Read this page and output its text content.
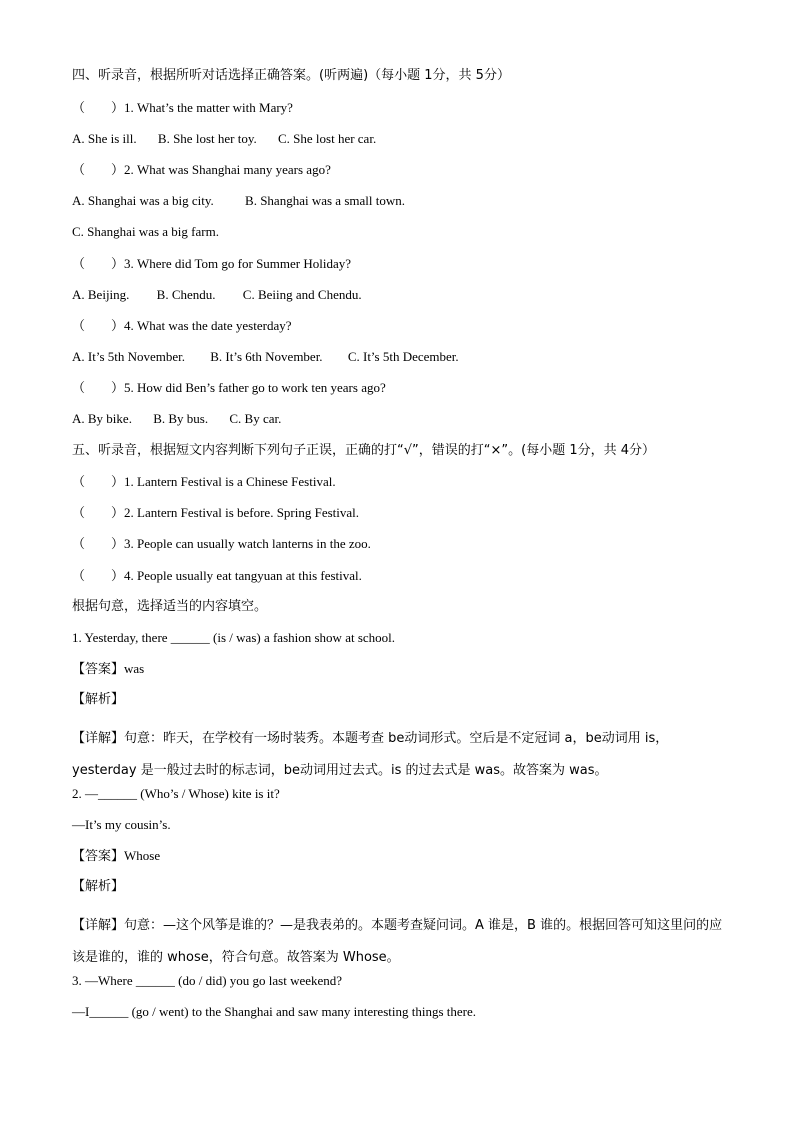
四、听录音，根据所听对话选择正确答案。(听两遍)（每小题 1分，共 5分）
（　　）1. What’s the matter with Mary?
A. She is ill. B. She lost her toy. C. She lost her car.
（　　）2. What was Shanghai many years ago?
A. Shanghai was a big city. B. Shanghai was a small town.
C. Shanghai was a big farm.
（　　）3. Where did Tom go for Summer Holiday?
A. Beijing. B. Chendu. C. Beiing and Chendu.
（　　）4. What was the date yesterday?
A. It’s 5th November. B. It’s 6th November. C. It’s 5th December.
（　　）5. How did Ben’s father go to work ten years ago?
A. By bike. B. By bus. C. By car.
五、听录音，根据短文内容判断下列句子正误，正确的打“√”，错误的打“×”。(每小题 1分，共 4分）
（　　）1. Lantern Festival is a Chinese Festival.
（　　）2. Lantern Festival is before. Spring Festival.
（　　）3. People can usually watch lanterns in the zoo.
（　　）4. People usually eat tangyuan at this festival.
根据句意，选择适当的内容填空。
1. Yesterday, there ______ (is / was) a fashion show at school.
【答案】was
【解析】
【详解】句意：昨天，在学校有一场时装秀。本题考查 be动词形式。空后是不定冠词 a，be动词用 is，yesterday 是一般过去时的标志词，be动词用过去式。is 的过去式是 was。故答案为 was。
2. —______ (Who’s / Whose) kite is it?
—It’s my cousin’s.
【答案】Whose
【解析】
【详解】句意：—这个风筝是谁的？—是我表弟的。本题考查疑问词。A 谁是，B 谁的。根据回答可知这里问的应该是谁的，谁的 whose，符合句意。故答案为 Whose。
3. —Where ______ (do / did) you go last weekend?
—I______ (go / went) to the Shanghai and saw many interesting things there.
